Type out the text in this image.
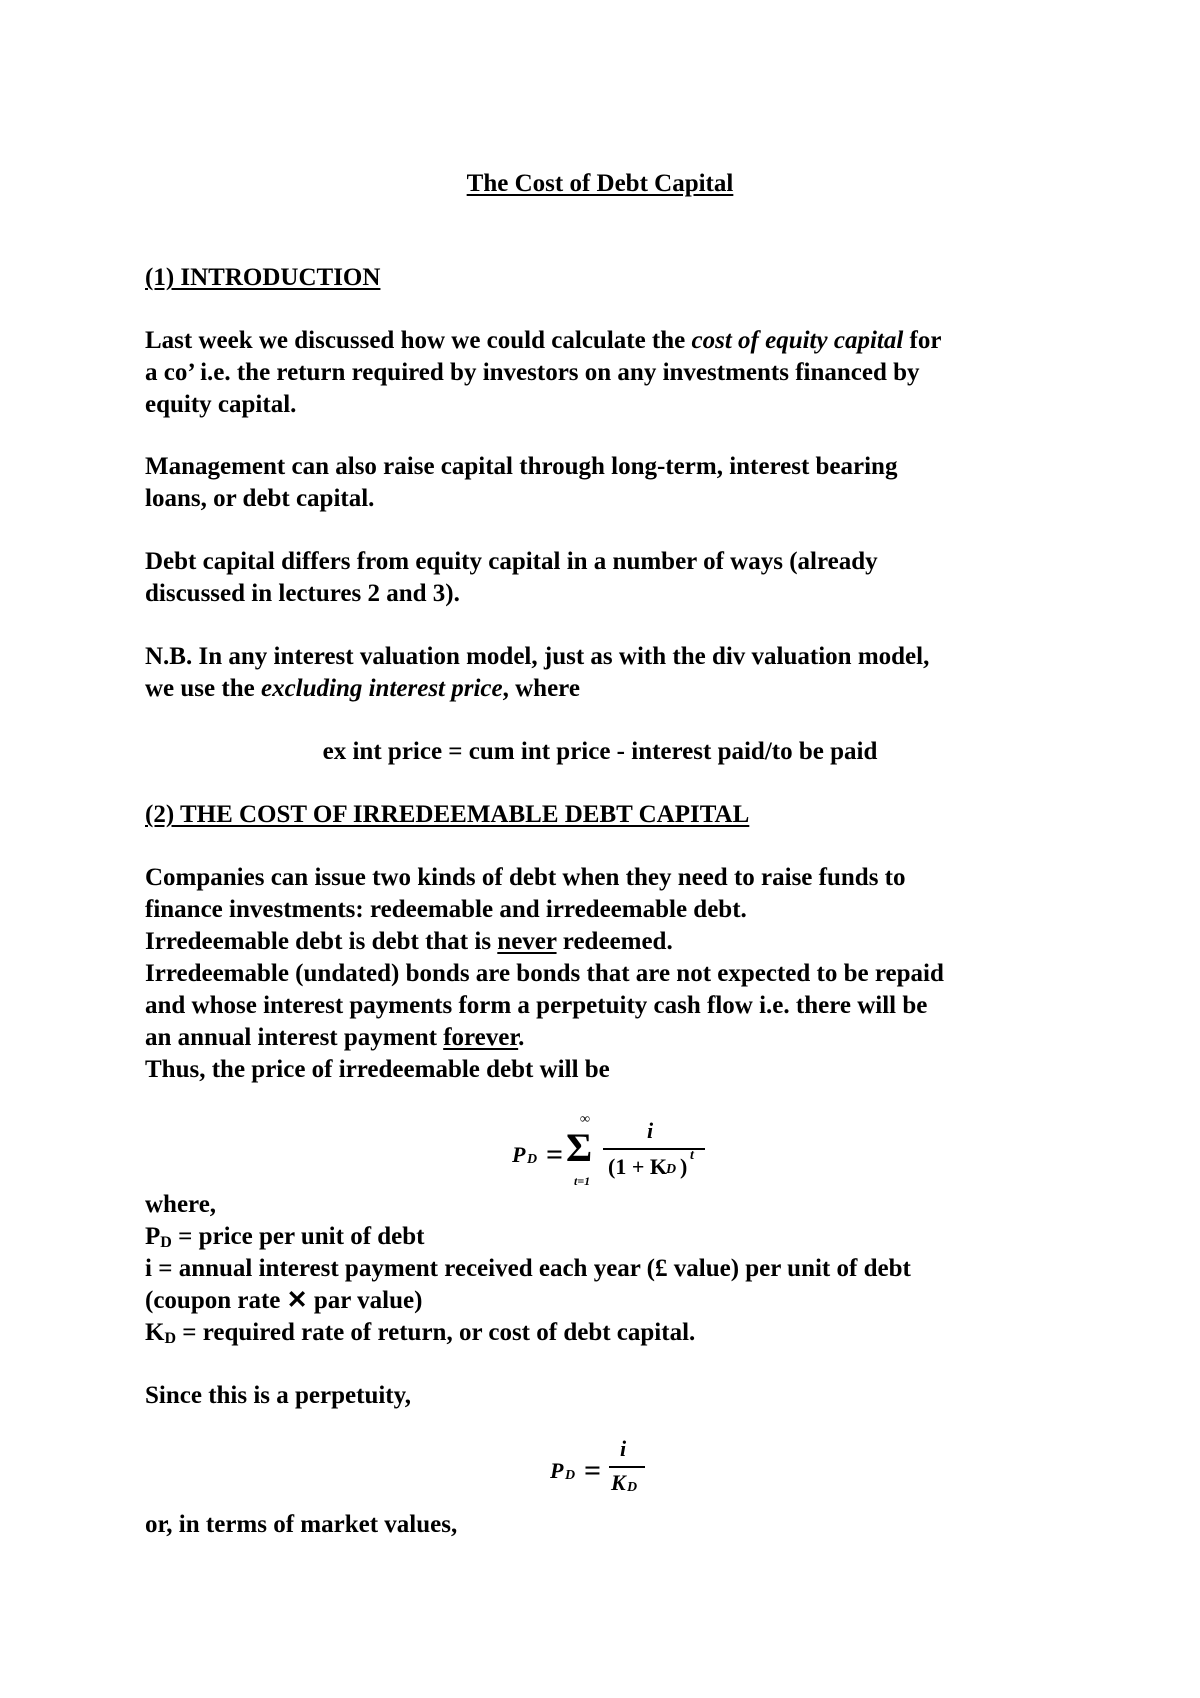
The Cost of Debt Capital
(1) INTRODUCTION
Last week we discussed how we could calculate the cost of equity capital for
a co’ i.e. the return required by investors on any investments financed by
equity capital.
Management can also raise capital through long-term, interest bearing
loans, or debt capital.
Debt capital differs from equity capital in a number of ways (already
discussed in lectures 2 and 3).
N.B. In any interest valuation model, just as with the div valuation model,
we use the excluding interest price, where
ex int price = cum int price - interest paid/to be paid
(2) THE COST OF IRREDEEMABLE DEBT CAPITAL
Companies can issue two kinds of debt when they need to raise funds to
finance investments: redeemable and irredeemable debt.
Irredeemable debt is debt that is never redeemed.
Irredeemable (undated) bonds are bonds that are not expected to be repaid
and whose interest payments form a perpetuity cash flow i.e. there will be
an annual interest payment forever.
Thus, the price of irredeemable debt will be
P D = Σ
∞
t=1
i
(1 + K D ) t
where,
PD = price per unit of debt
i = annual interest payment received each year (£ value) per unit of debt
(coupon rate ✕ par value)
KD = required rate of return, or cost of debt capital.
Since this is a perpetuity,
P D =
i
K D
or, in terms of market values,
